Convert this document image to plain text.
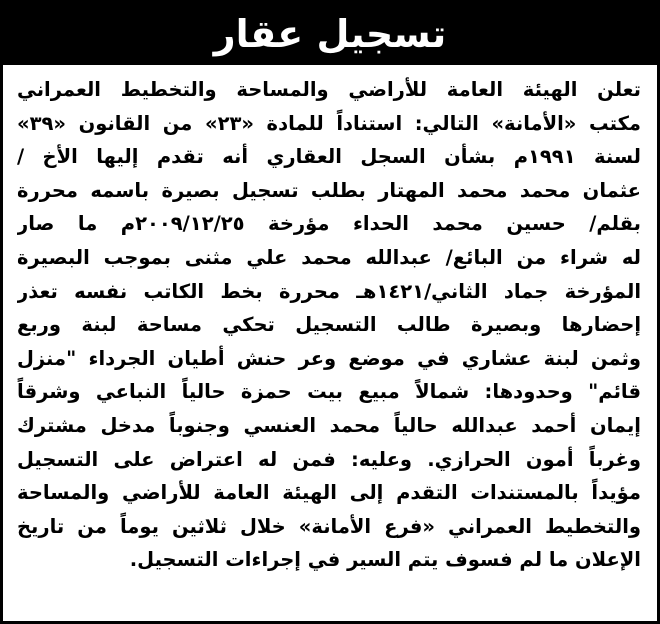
تسجيل عقار
تعلن الهيئة العامة للأراضي والمساحة والتخطيط العمراني
مكتب «الأمانة» التالي: استناداً للمادة «٢٣» من القانون «٣٩»
لسنة ١٩٩١م بشأن السجل العقاري أنه تقدم إليها الأخ /
عثمان محمد محمد المهتار بطلب تسجيل بصيرة باسمه محررة
بقلم/ حسين محمد الحداء مؤرخة ٢٠٠٩/١٢/٢٥م ما صار
له شراء من البائع/ عبدالله محمد علي مثنى بموجب البصيرة
المؤرخة جماد الثاني/١٤٢١هـ محررة بخط الكاتب نفسه تعذر
إحضارها وبصيرة طالب التسجيل تحكي مساحة لبنة وربع
وثمن لبنة عشاري في موضع وعر حنش أطيان الجرداء "منزل
قائم" وحدودها: شمالاً مبيع بيت حمزة حالياً النباعي وشرقاً
إيمان أحمد عبدالله حالياً محمد العنسي وجنوباً مدخل مشترك
وغرباً أمون الحرازي. وعليه: فمن له اعتراض على التسجيل
مؤيداً بالمستندات التقدم إلى الهيئة العامة للأراضي والمساحة
والتخطيط العمراني «فرع الأمانة» خلال ثلاثين يوماً من تاريخ
الإعلان ما لم فسوف يتم السير في إجراءات التسجيل.
